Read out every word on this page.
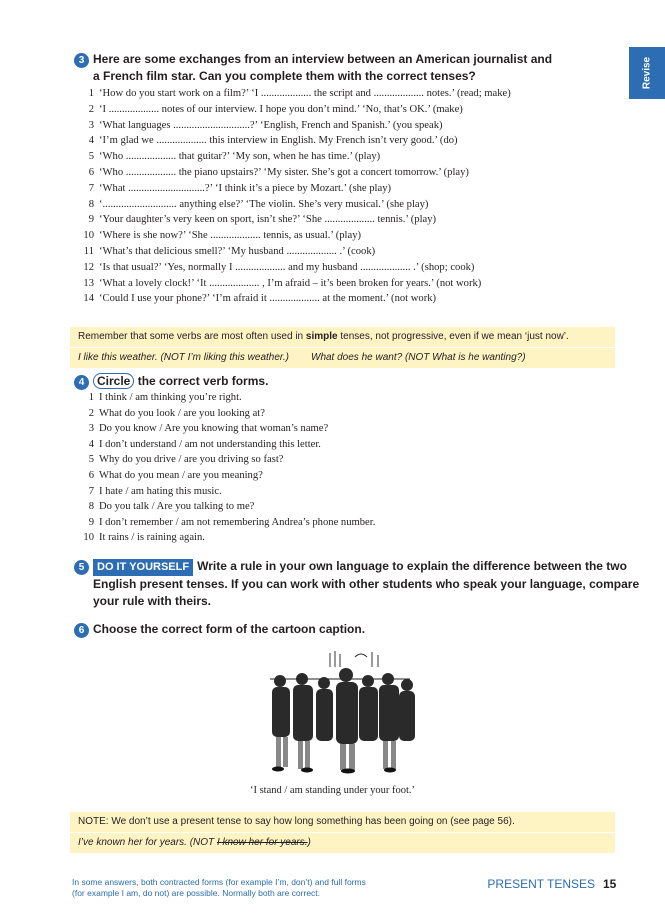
Revise
3 Here are some exchanges from an interview between an American journalist and
a French film star. Can you complete them with the correct tenses?
1 ‘How do you start work on a film?’ ‘I ................... the script and ................... notes.’ (read; make)
2 ‘I ................... notes of our interview. I hope you don’t mind.’ ‘No, that’s OK.’ (make)
3 ‘What languages .............................?’ ‘English, French and Spanish.’ (you speak)
4 ‘I’m glad we ................... this interview in English. My French isn’t very good.’ (do)
5 ‘Who ................... that guitar?’ ‘My son, when he has time.’ (play)
6 ‘Who ................... the piano upstairs?’ ‘My sister. She’s got a concert tomorrow.’ (play)
7 ‘What .............................?’ ‘I think it’s a piece by Mozart.’ (she play)
8 ‘............................ anything else?’ ‘The violin. She’s very musical.’ (she play)
9 ‘Your daughter’s very keen on sport, isn’t she?’ ‘She ................... tennis.’ (play)
10 ‘Where is she now?’ ‘She ................... tennis, as usual.’ (play)
11 ‘What’s that delicious smell?’ ‘My husband ................... .’ (cook)
12 ‘Is that usual?’ ‘Yes, normally I ................... and my husband ................... .’ (shop; cook)
13 ‘What a lovely clock!’ ‘It ................... , I’m afraid – it’s been broken for years.’ (not work)
14 ‘Could I use your phone?’ ‘I’m afraid it ................... at the moment.’ (not work)
Remember that some verbs are most often used in simple tenses, not progressive, even if we mean ‘just now’.
I like this weather. (NOT I’m liking this weather.) What does he want? (NOT What is he wanting?)
4	Circle the correct verb forms.
1 I think / am thinking you’re right.
2 What do you look / are you looking at?
3 Do you know / Are you knowing that woman’s name?
4 I don’t understand / am not understanding this letter.
5 Why do you drive / are you driving so fast?
6 What do you mean / are you meaning?
7 I hate / am hating this music.
8 Do you talk / Are you talking to me?
9 I don’t remember / am not remembering Andrea’s phone number.
10 It rains / is raining again.
5	DO IT YOURSELF Write a rule in your own language to explain the difference between the two
English present tenses. If you can work with other students who speak your language, compare
your rule with theirs.
6 Choose the correct form of the cartoon caption.
‘I stand / am standing under your foot.’
NOTE: We don’t use a present tense to say how long something has been going on (see page 56).
I’ve known her for years. (NOT I know her for years.)
In some answers, both contracted forms (for example I’m, don’t) and full forms (for example I am, do not) are possible. Normally both are correct.
PRESENT TENSES 15
